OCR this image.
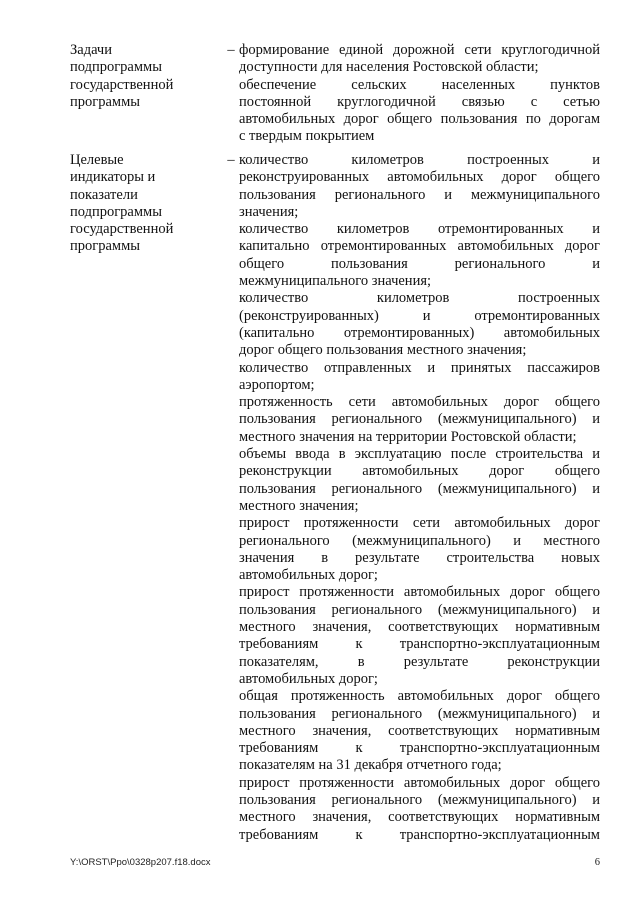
Задачи
подпрограммы
государственной
программы
– формирование единой дорожной сети круглогодичной
доступности для населения Ростовской области;
обеспечение сельских населенных пунктов
постоянной круглогодичной связью с сетью
автомобильных дорог общего пользования по дорогам
с твердым покрытием
Целевые
индикаторы и
показатели
подпрограммы
государственной
программы
– количество километров построенных и
реконструированных автомобильных дорог общего
пользования регионального и межмуниципального
значения;
количество километров отремонтированных и
капитально отремонтированных автомобильных дорог
общего пользования регионального и
межмуниципального значения;
количество километров построенных
(реконструированных) и отремонтированных
(капитально отремонтированных) автомобильных
дорог общего пользования местного значения;
количество отправленных и принятых пассажиров
аэропортом;
протяженность сети автомобильных дорог общего
пользования регионального (межмуниципального) и
местного значения на территории Ростовской области;
объемы ввода в эксплуатацию после строительства и
реконструкции автомобильных дорог общего
пользования регионального (межмуниципального) и
местного значения;
прирост протяженности сети автомобильных дорог
регионального (межмуниципального) и местного
значения в результате строительства новых
автомобильных дорог;
прирост протяженности автомобильных дорог общего
пользования регионального (межмуниципального) и
местного значения, соответствующих нормативным
требованиям к транспортно-эксплуатационным
показателям, в результате реконструкции
автомобильных дорог;
общая протяженность автомобильных дорог общего
пользования регионального (межмуниципального) и
местного значения, соответствующих нормативным
требованиям к транспортно-эксплуатационным
показателям на 31 декабря отчетного года;
прирост протяженности автомобильных дорог общего
пользования регионального (межмуниципального) и
местного значения, соответствующих нормативным
требованиям к транспортно-эксплуатационным
Y:\ORST\Ppo\0328p207.f18.docx	6
